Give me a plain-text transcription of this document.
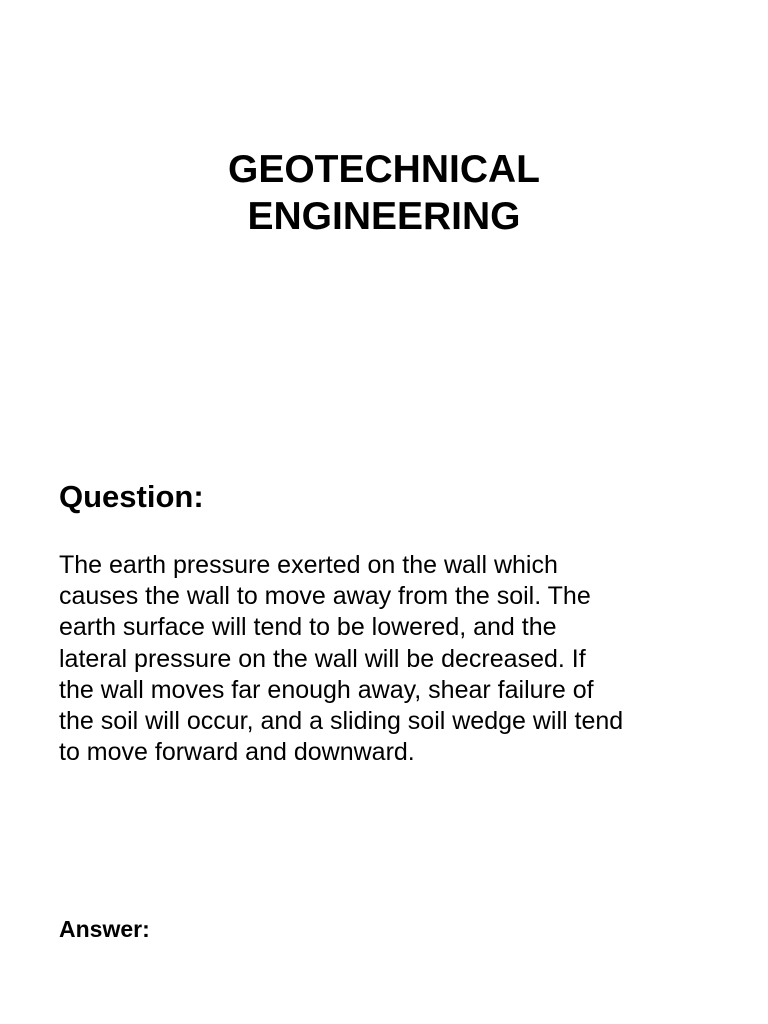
GEOTECHNICAL
ENGINEERING
Question:
The earth pressure exerted on the wall which
causes the wall to move away from the soil. The
earth surface will tend to be lowered, and the
lateral pressure on the wall will be decreased. If
the wall moves far enough away, shear failure of
the soil will occur, and a sliding soil wedge will tend
to move forward and downward.
Answer:
